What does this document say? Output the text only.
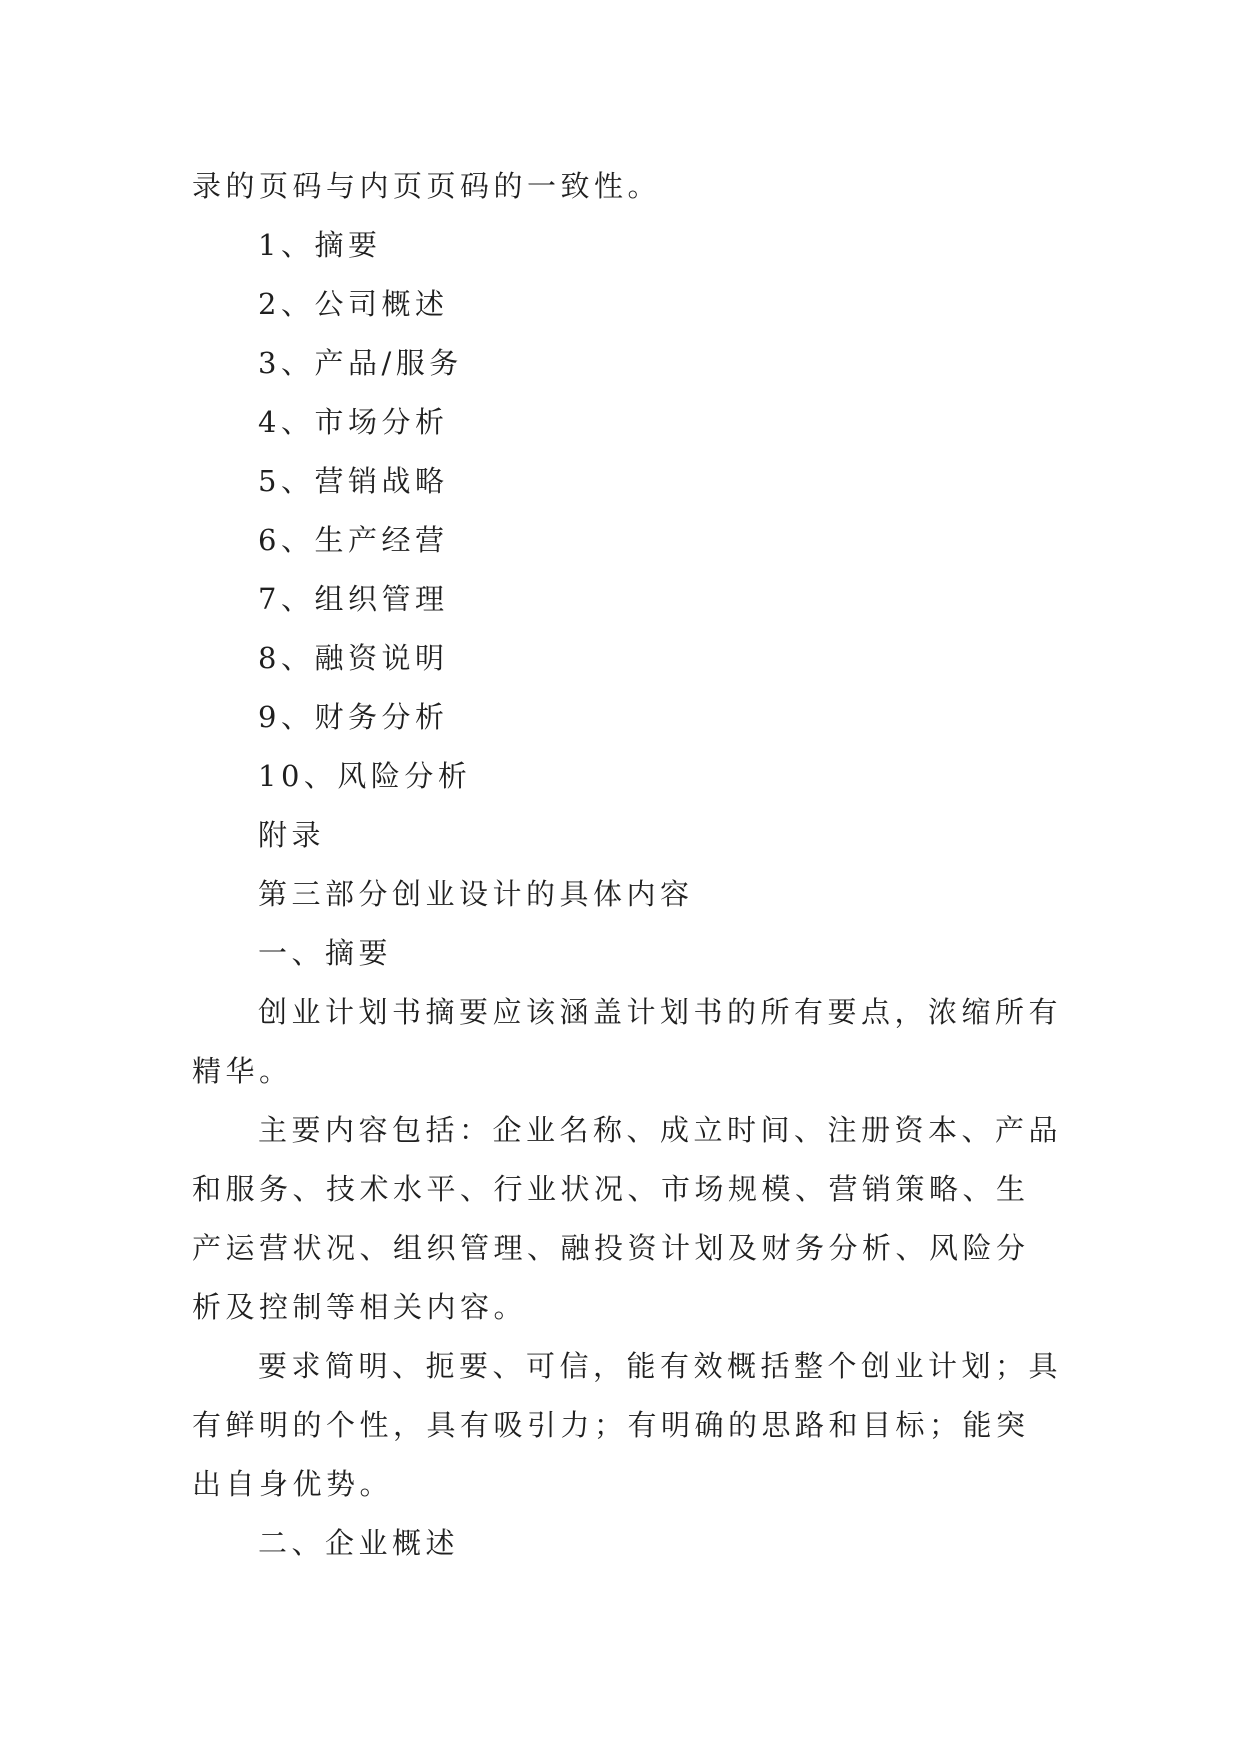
录的页码与内页页码的一致性。

1、摘要

2、公司概述

3、产品/服务

4、市场分析

5、营销战略

6、生产经营

7、组织管理

8、融资说明

9、财务分析

10、风险分析

附录

第三部分创业设计的具体内容

一、摘要

创业计划书摘要应该涵盖计划书的所有要点，浓缩所有精华。

主要内容包括：企业名称、成立时间、注册资本、产品和服务、技术水平、行业状况、市场规模、营销策略、生产运营状况、组织管理、融投资计划及财务分析、风险分析及控制等相关内容。

要求简明、扼要、可信，能有效概括整个创业计划；具有鲜明的个性，具有吸引力；有明确的思路和目标；能突出自身优势。

二、企业概述
